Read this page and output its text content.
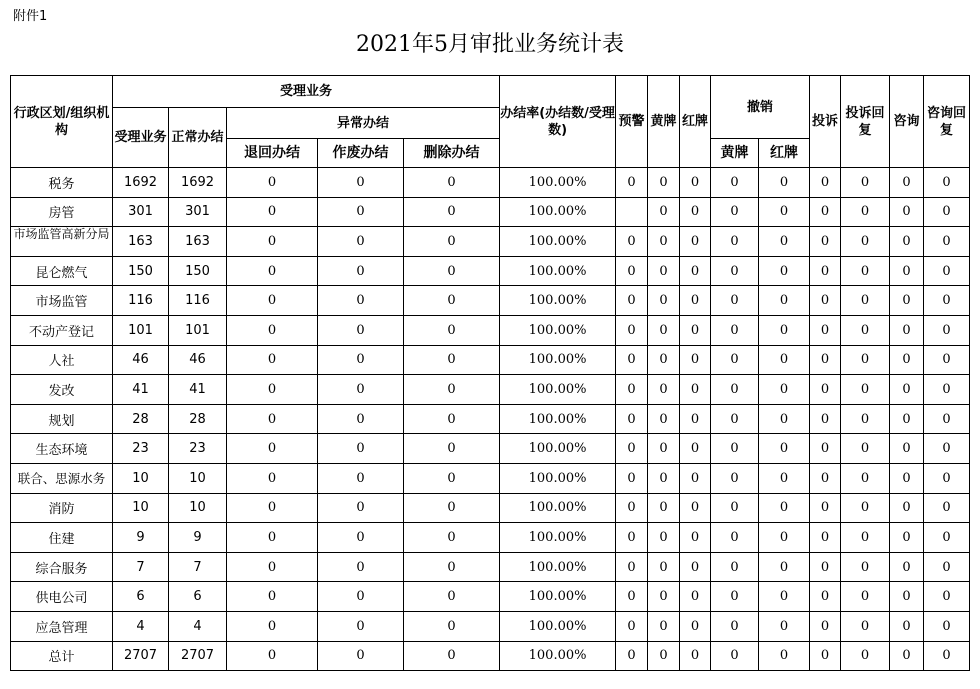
附件1
2021年5月审批业务统计表
行政区划/组织机构	受理业务					办结率(办结数/受理数)	预警	黄牌	红牌	撤销		投诉	投诉回复	咨询	咨询回复
	受理业务	正常办结	异常办结												
			退回办结	作废办结	删除办结					黄牌	红牌				
税务	1692	1692	0	0	0	100.00%	0	0	0	0	0	0	0	0	0
房管	301	301	0	0	0	100.00%		0	0	0	0	0	0	0	0
市场监管高新分局	163	163	0	0	0	100.00%	0	0	0	0	0	0	0	0	0
昆仑燃气	150	150	0	0	0	100.00%	0	0	0	0	0	0	0	0	0
市场监管	116	116	0	0	0	100.00%	0	0	0	0	0	0	0	0	0
不动产登记	101	101	0	0	0	100.00%	0	0	0	0	0	0	0	0	0
人社	46	46	0	0	0	100.00%	0	0	0	0	0	0	0	0	0
发改	41	41	0	0	0	100.00%	0	0	0	0	0	0	0	0	0
规划	28	28	0	0	0	100.00%	0	0	0	0	0	0	0	0	0
生态环境	23	23	0	0	0	100.00%	0	0	0	0	0	0	0	0	0
联合、思源水务	10	10	0	0	0	100.00%	0	0	0	0	0	0	0	0	0
消防	10	10	0	0	0	100.00%	0	0	0	0	0	0	0	0	0
住建	9	9	0	0	0	100.00%	0	0	0	0	0	0	0	0	0
综合服务	7	7	0	0	0	100.00%	0	0	0	0	0	0	0	0	0
供电公司	6	6	0	0	0	100.00%	0	0	0	0	0	0	0	0	0
应急管理	4	4	0	0	0	100.00%	0	0	0	0	0	0	0	0	0
总计	2707	2707	0	0	0	100.00%	0	0	0	0	0	0	0	0	0
